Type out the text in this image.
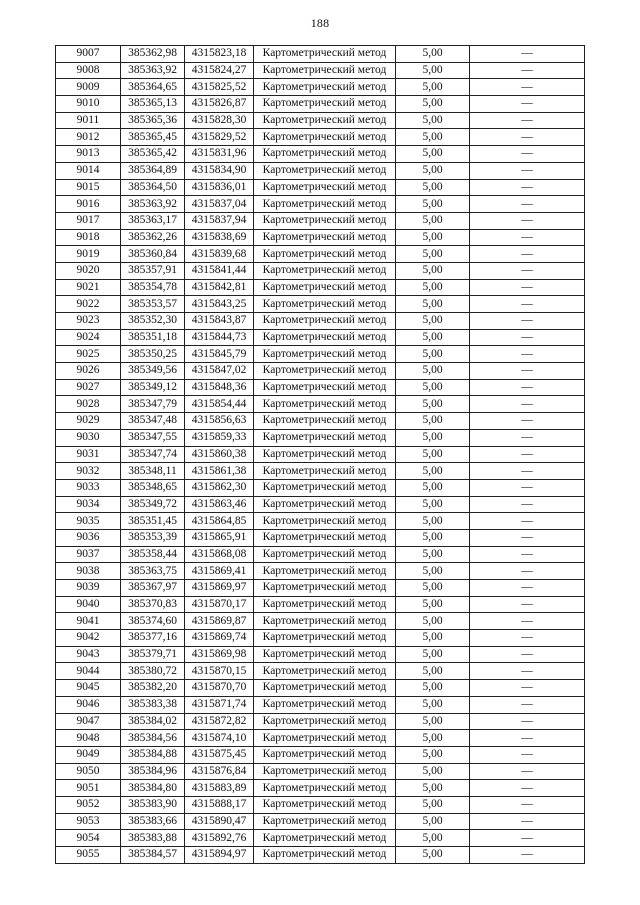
188
9007	385362,98	4315823,18	Картометрический метод	5,00	—
9008	385363,92	4315824,27	Картометрический метод	5,00	—
9009	385364,65	4315825,52	Картометрический метод	5,00	—
9010	385365,13	4315826,87	Картометрический метод	5,00	—
9011	385365,36	4315828,30	Картометрический метод	5,00	—
9012	385365,45	4315829,52	Картометрический метод	5,00	—
9013	385365,42	4315831,96	Картометрический метод	5,00	—
9014	385364,89	4315834,90	Картометрический метод	5,00	—
9015	385364,50	4315836,01	Картометрический метод	5,00	—
9016	385363,92	4315837,04	Картометрический метод	5,00	—
9017	385363,17	4315837,94	Картометрический метод	5,00	—
9018	385362,26	4315838,69	Картометрический метод	5,00	—
9019	385360,84	4315839,68	Картометрический метод	5,00	—
9020	385357,91	4315841,44	Картометрический метод	5,00	—
9021	385354,78	4315842,81	Картометрический метод	5,00	—
9022	385353,57	4315843,25	Картометрический метод	5,00	—
9023	385352,30	4315843,87	Картометрический метод	5,00	—
9024	385351,18	4315844,73	Картометрический метод	5,00	—
9025	385350,25	4315845,79	Картометрический метод	5,00	—
9026	385349,56	4315847,02	Картометрический метод	5,00	—
9027	385349,12	4315848,36	Картометрический метод	5,00	—
9028	385347,79	4315854,44	Картометрический метод	5,00	—
9029	385347,48	4315856,63	Картометрический метод	5,00	—
9030	385347,55	4315859,33	Картометрический метод	5,00	—
9031	385347,74	4315860,38	Картометрический метод	5,00	—
9032	385348,11	4315861,38	Картометрический метод	5,00	—
9033	385348,65	4315862,30	Картометрический метод	5,00	—
9034	385349,72	4315863,46	Картометрический метод	5,00	—
9035	385351,45	4315864,85	Картометрический метод	5,00	—
9036	385353,39	4315865,91	Картометрический метод	5,00	—
9037	385358,44	4315868,08	Картометрический метод	5,00	—
9038	385363,75	4315869,41	Картометрический метод	5,00	—
9039	385367,97	4315869,97	Картометрический метод	5,00	—
9040	385370,83	4315870,17	Картометрический метод	5,00	—
9041	385374,60	4315869,87	Картометрический метод	5,00	—
9042	385377,16	4315869,74	Картометрический метод	5,00	—
9043	385379,71	4315869,98	Картометрический метод	5,00	—
9044	385380,72	4315870,15	Картометрический метод	5,00	—
9045	385382,20	4315870,70	Картометрический метод	5,00	—
9046	385383,38	4315871,74	Картометрический метод	5,00	—
9047	385384,02	4315872,82	Картометрический метод	5,00	—
9048	385384,56	4315874,10	Картометрический метод	5,00	—
9049	385384,88	4315875,45	Картометрический метод	5,00	—
9050	385384,96	4315876,84	Картометрический метод	5,00	—
9051	385384,80	4315883,89	Картометрический метод	5,00	—
9052	385383,90	4315888,17	Картометрический метод	5,00	—
9053	385383,66	4315890,47	Картометрический метод	5,00	—
9054	385383,88	4315892,76	Картометрический метод	5,00	—
9055	385384,57	4315894,97	Картометрический метод	5,00	—
